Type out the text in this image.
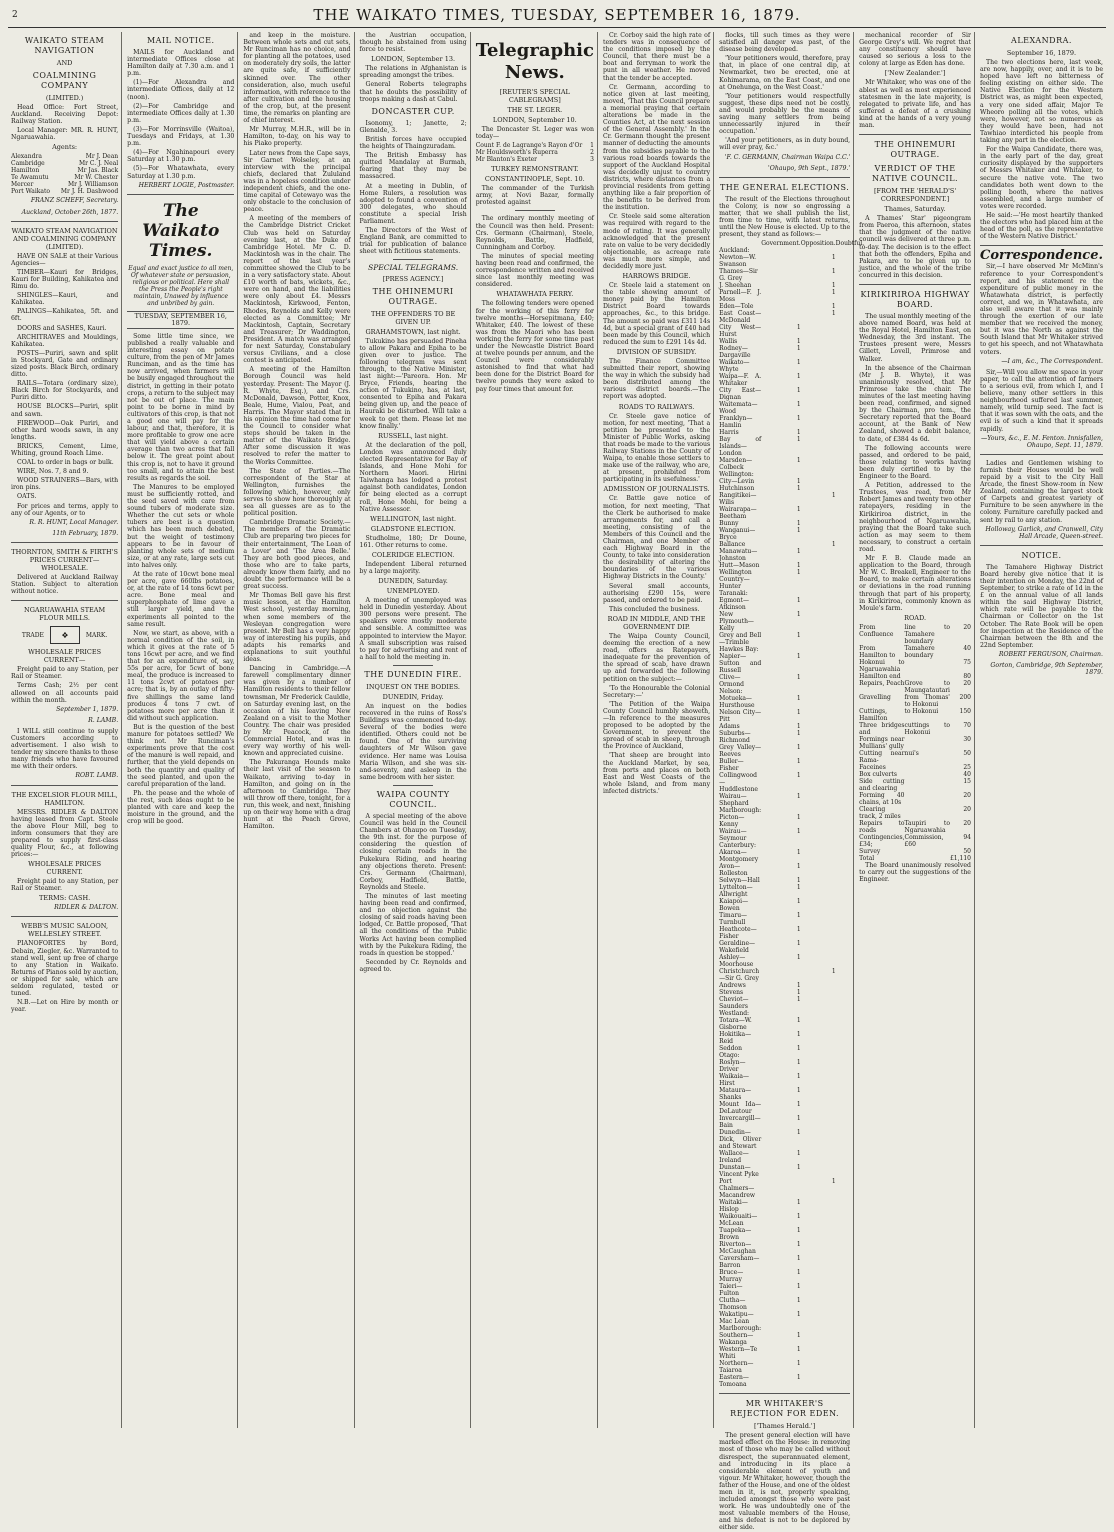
2	THE WAIKATO TIMES, TUESDAY, SEPTEMBER 16, 1879.
WAIKATO STEAM NAVIGATION
AND
COALMINING COMPANY
(LIMITED.)

Head Office: Fort Street, Auckland. Receiving Depot: Railway Station.

Local Manager: MR. R. HUNT, Ngaruawahia.

Agents:
Alexandra	Mr J. Dean
Cambridge	Mr C. J. Neal
Hamilton	Mr Jas. Black
Te Awamutu	Mr W. Chester
Mercer	Mr J. Williamson
Port Waikato	Mr J. H. Dashwood
FRANZ SCHEFF, Secretary.
Auckland, October 26th, 1877.
WAIKATO STEAM NAVIGATION AND COALMINING COMPANY (LIMITED).

HAVE ON SALE at their Various Agencies—

TIMBER—Kauri for Bridges, Kauri for Building, Kahikatea and Rimu do.

SHINGLES—Kauri, and Kahikatea.

PALINGS—Kahikatea, 5ft. and 6ft.

DOORS and SASHES, Kauri.

ARCHITRAVES and Mouldings, Kahikatea.

POSTS—Puriri, sawn and split in Stockyard, Gate and ordinary sized posts. Black Birch, ordinary ditto.

RAILS—Totara (ordinary size), Black Birch for Stockyards, and Puriri ditto.

HOUSE BLOCKS—Puriri, split and sawn.

FIREWOOD—Oak Puriri, and other hard woods sawn, in any lengths.

BRICKS, Cement, Lime, Whiting, ground Roach Lime.

COAL to order in bags or bulk.

WIRE, Nos. 7, 8 and 9.

WOOD STRAINERS—Bars, with iron pins.

OATS.

For prices and terms, apply to any of our Agents, or to

R. R. HUNT, Local Manager.
11th February, 1879.
THORNTON, SMITH & FIRTH'S PRICES CURRENT—WHOLESALE.

Delivered at Auckland Railway Station. Subject to alteration without notice.

NGARUAWAHIA STEAM FLOUR MILLS.
TRADE	❖	MARK.
WHOLESALE PRICES CURRENT—

Freight paid to any Station, per Rail or Steamer.

Terms Cash; 2½ per cent allowed on all accounts paid within the month.

September 1, 1879.
R. LAMB.

I WILL still continue to supply Customers according to advertisement. I also wish to tender my sincere thanks to those many friends who have favoured me with their orders.

ROBT. LAMB.
THE EXCELSIOR FLOUR MILL, HAMILTON.

MESSRS. RIDLER & DALTON having leased from Capt. Steele the above Flour Mill, beg to inform consumers that they are prepared to supply first-class quality Flour, &c., at following prices:—

WHOLESALE PRICES CURRENT.

Freight paid to any Station, per Rail or Steamer.

TERMS: CASH.
RIDLER & DALTON.
WEBB'S MUSIC SALOON, WELLESLEY STREET.

PIANOFORTES by Bord, Debain, Ziegler, &c. Warranted to stand well, sent up free of charge to any Station in Waikato. Returns of Pianos sold by auction, or shipped for sale, which are seldom regulated, tested or tuned.

N.B.—Let on Hire by month or year.

MAIL NOTICE.

MAILS for Auckland and intermediate Offices close at Hamilton daily at 7.30 a.m. and 1 p.m.

(1)—For Alexandra and intermediate Offices, daily at 12 (noon).

(2)—For Cambridge and intermediate Offices daily at 1.30 p.m.

(3)—For Morrinsville (Waitoa), Tuesdays and Fridays, at 1.30 p.m.

(4)—For Ngahinapouri every Saturday at 1.30 p.m.

(5)—For Whatawhata, every Saturday at 1.30 p.m.

HERBERT LOGIE, Postmaster.
The Waikato Times.
Equal and exact justice to all men, Of whatever state or persuasion, religious or political. Here shall the Press the People's right maintain, Unawed by influence and unbribed by gain.
TUESDAY, SEPTEMBER 16, 1879.

Some little time since, we published a really valuable and interesting essay on potato culture, from the pen of Mr James Runciman, and as the time has now arrived, when farmers will be busily engaged throughout the district, in getting in their potato crops, a return to the subject may not be out of place. The main point to be borne in mind by cultivators of this crop, is that not a good one will pay for the labour, and that, therefore, it is more profitable to grow one acre that will yield above a certain average than two acres that fall below it. The great point about this crop is, not to have it ground too small, and to attain the best results as regards the soil.

The Manures to be employed must be sufficiently rotted, and the seed saved with care from sound tubers of moderate size. Whether the cut sets or whole tubers are best is a question which has been much debated, but the weight of testimony appears to be in favour of planting whole sets of medium size, or at any rate, large sets cut into halves only.

At the rate of 10cwt bone meal per acre, gave 660lbs potatoes, or, at the rate of 14 tons 6cwt per acre. Bone meal and superphosphate of lime gave a still larger yield, and the experiments all pointed to the same result.

Now, we start, as above, with a normal condition of the soil, in which it gives at the rate of 5 tons 16cwt per acre, and we find that for an expenditure of, say, 55s per acre, for 5cwt of bone meal, the produce is increased to 11 tons 2cwt of potatoes per acre; that is, by an outlay of fifty-five shillings the same land produces 4 tons 7 cwt. of potatoes more per acre than it did without such application.

But is the question of the best manure for potatoes settled? We think not. Mr Runciman's experiments prove that the cost of the manure is well repaid, and further, that the yield depends on both the quantity and quality of the seed planted, and upon the careful preparation of the land.

Ph. the pease and the whole of the rest, such ideas ought to be planted with care and keep the moisture in the ground, and the crop will be good.

and keep in the moisture. Between whole sets and cut sets, Mr Runciman has no choice, and for planting all the potatoes, used on moderately dry soils, the latter are quite safe, if sufficiently skinned over. The other consideration, also, much useful information, with reference to the after cultivation and the housing of the crop, but, at the present time, the remarks on planting are of chief interest.

Mr Murray, M.H.R., will be in Hamilton, to-day, on his way to his Piako property.

Later news from the Cape says, Sir Garnet Wolseley, at an interview with the principal chiefs, declared that Zululand was in a hopeless condition under independent chiefs, and the one-time capital of Cetewayo was the only obstacle to the conclusion of peace.

A meeting of the members of the Cambridge District Cricket Club was held on Saturday evening last, at the Duke of Cambridge Hotel. Mr C. D. Mackintosh was in the chair. The report of the last year's committee showed the Club to be in a very satisfactory state. About £10 worth of bats, wickets, &c., were on hand, and the liabilities were only about £4. Messrs Mackintosh, Kirkwood, Fenton, Rhodes, Reynolds and Kelly were elected as a Committee; Mr Mackintosh, Captain, Secretary and Treasurer; Dr Waddington, President. A match was arranged for next Saturday, Constabulary versus Civilians, and a close contest is anticipated.

A meeting of the Hamilton Borough Council was held yesterday. Present: The Mayor (J. R. Whyte, Esq.), and Crs. McDonald, Dawson, Potter, Knox, Beale, Hume, Vialou, Peat, and Harris. The Mayor stated that in his opinion the time had come for the Council to consider what steps should be taken in the matter of the Waikato Bridge. After some discussion it was resolved to refer the matter to the Works Committee.

The State of Parties.—The correspondent of the Star at Wellington, furnishes the following which, however, only serves to show how thoroughly at sea all guesses are as to the political position.

Cambridge Dramatic Society.—The members of the Dramatic Club are preparing two pieces for their entertainment, 'The Loan of a Lover' and 'The Area Belle.' They are both good pieces, and those who are to take parts, already know them fairly, and no doubt the performance will be a great success.

Mr Thomas Bell gave his first music lesson, at the Hamilton West school, yesterday morning, when some members of the Wesleyan congregation were present. Mr Bell has a very happy way of interesting his pupils, and adapts his remarks and explanations to suit youthful ideas.

Dancing in Cambridge.—A farewell complimentary dinner was given by a number of Hamilton residents to their fellow townsman, Mr Frederick Cauldle, on Saturday evening last, on the occasion of his leaving New Zealand on a visit to the Mother Country. The chair was presided by Mr Peacock, of the Commercial Hotel, and was in every way worthy of his well-known and appreciated cuisine.

The Pakuranga Hounds make their last visit of the season to Waikato, arriving to-day in Hamilton, and going on in the afternoon to Cambridge. They will throw off there, tonight, for a run, this week, and next, finishing up on their way home with a drag hunt at the Peach Grove, Hamilton.

the Austrian occupation, though he abstained from using force to resist.

LONDON, September 13.

The relations in Afghanistan is spreading amongst the tribes.

General Roberts telegraphs that he doubts the possibility of troops making a dash at Cabul.

DONCASTER CUP.

Isonomy, 1; Janette, 2; Glenalde, 3.

British forces have occupied the heights of Thaingzuradam.

The British Embassy has quitted Mandalay at Burmah, fearing that they may be massacred.

At a meeting in Dublin, of Home Rulers, a resolution was adopted to found a convention of 300 delegates, who should constitute a special Irish Parliament.

The Directors of the West of England Bank, are committed to trial for publication of balance sheet with fictitious statements.

SPECIAL TELEGRAMS.
[PRESS AGENCY.]
THE OHINEMURI OUTRAGE.
THE OFFENDERS TO BE GIVEN UP.
GRAHAMSTOWN, last night.

Tukukino has persuaded Pineha to allow Pakara and Epiha to be given over to justice. The following telegram was sent through, to the Native Minister, last night:—'Pareora. Hon. Mr Bryce, Friends, hearing the action of Tukukino, has, at last, consented to Epiha and Pakara being given up, and the peace of Hauraki be disturbed. Will take a week to get them. Please let me know finally.'

RUSSELL, last night.

At the declaration of the poll, London was announced duly elected Representative for Bay of Islands, and Hone Mohi for Northern Maori. Hirini Taiwhanga has lodged a protest against both candidates, London for being elected as a corrupt roll, Hone Mohi, for being a Native Assessor.

WELLINGTON, last night.
GLADSTONE ELECTION.

Studholme, 180; Dr Doune, 161. Other returns to come.

COLERIDGE ELECTION.

Independent Liberal returned by a large majority.

DUNEDIN, Saturday.
UNEMPLOYED.

A meeting of unemployed was held in Dunedin yesterday. About 300 persons were present. The speakers were mostly moderate and sensible. A committee was appointed to interview the Mayor. A small subscription was raised to pay for advertising and rent of a hall to hold the meeting in.

THE DUNEDIN FIRE.
INQUEST ON THE BODIES.
DUNEDIN, Friday.

An inquest on the bodies recovered in the ruins of Ross's Buildings was commenced to-day. Several of the bodies were identified. Others could not be found. One of the surviving daughters of Mr Wilson gave evidence. Her name was Louisa Maria Wilson, and she was six-and-seventy, and asleep in the same bedroom with her sister.

WAIPA COUNTY COUNCIL.

A special meeting of the above Council was held in the Council Chambers at Ohaupo on Tuesday, the 9th inst. for the purpose of considering the question of closing certain roads in the Pukekura Riding, and hearing any objections thereto. Present: Crs. Germann (Chairman), Corboy, Hadfield, Battle, Reynolds and Steele.

The minutes of last meeting having been read and confirmed, and no objection against the closing of said roads having been lodged, Cr. Battle proposed, 'That all the conditions of the Public Works Act having been complied with by the Pukekura Riding, the roads in question be stopped.'

Seconded by Cr. Reynolds and agreed to.

Telegraphic News.
[REUTER'S SPECIAL CABLEGRAMS]
THE ST. LEGER.
LONDON, September 10.

The Doncaster St. Leger was won today—

Count F. de Lagrange's Rayon d'Or	1
Mr Houldsworth's Ruperra	2
Mr Blanton's Exeter	3
TURKEY REMONSTRANT.
CONSTANTINOPLE, Sept. 10.

The commander of the Turkish army, at Novi Bazar, formally protested against

The ordinary monthly meeting of the Council was then held. Present: Crs. Germann (Chairman), Steele, Reynolds, Battle, Hadfield, Cunningham and Corboy.

The minutes of special meeting having been read and confirmed, the correspondence written and received since last monthly meeting was considered.

WHATAWHATA FERRY.

The following tenders were opened for the working of this ferry for twelve months—Horsepitmana, £40; Whitaker, £40. The lowest of these was from the Maori who has been working the ferry for some time past under the Newcastle District Board at twelve pounds per annum, and the Council were considerably astonished to find that what had been done for the District Board for twelve pounds they were asked to pay four times that amount for.

Cr. Corboy said the high rate of tenders was in consequence of the conditions imposed by the Council, that there must be a boat and ferryman to work the punt in all weather. He moved that the tender be accepted.

Cr. Germann, according to notice given at last meeting, moved, 'That this Council prepare a memorial praying that certain alterations be made in the Counties Act, at the next session of the General Assembly.' In the Cr. Germann thought the present manner of deducting the amounts from the subsidies payable to the various road boards towards the support of the Auckland Hospital was decidedly unjust to country districts, where distances from a provincial residents from getting anything like a fair proportion of the benefits to be derived from the institution.

Cr. Steele said some alteration was required with regard to the mode of rating. It was generally acknowledged that the present rate on value to be very decidedly objectionable, as acreage rate was much more simple, and decidedly more just.

HARROWS BRIDGE.

Cr. Steele laid a statement on the table showing amount of money paid by the Hamilton District Board towards approaches, &c., to this bridge. The amount so paid was £311 14s 4d, but a special grant of £40 had been made by this Council, which reduced the sum to £291 14s 4d.

DIVISION OF SUBSIDY.

The Finance Committee submitted their report, showing the way in which the subsidy had been distributed among the various district boards.—The report was adopted.

ROADS TO RAILWAYS.

Cr. Steele gave notice of motion, for next meeting, 'That a petition be presented to the Minister of Public Works, asking that roads be made to the various Railway Stations in the County of Waipa, to enable those settlers to make use of the railway, who are, at present, prohibited from participating in its usefulness.'

ADMISSION OF JOURNALISTS.

Cr. Battle gave notice of motion, for next meeting, 'That the Clerk be authorised to make arrangements for, and call a meeting, consisting of the Members of this Council and the Chairman, and one Member of each Highway Board in the County, to take into consideration the desirability of altering the boundaries of the various Highway Districts in the County.'

Several small accounts, authorising £290 15s, were passed, and ordered to be paid.

This concluded the business.

ROAD IN MIDDLE, AND THE GOVERNMENT DIP.

The Waipa County Council, deeming the erection of a new road, offers as Ratepayers, inadequate for the prevention of the spread of scab, have drawn up and forwarded the following petition on the subject:—

'To the Honourable the Colonial Secretary:—'

'The Petition of the Waipa County Council humbly showeth,—In reference to the measures proposed to be adopted by the Government, to prevent the spread of scab in sheep, through the Province of Auckland,

'That sheep are brought into the Auckland Market, by sea, from ports and places on both East and West Coasts of the whole Island, and from many infected districts.'

flocks, till such times as they were satisfied all danger was past, of the disease being developed.

'Your petitioners would, therefore, pray that, in place of one central dip, at Newmarket, two be erected, one at Kohimarama, on the East Coast, and one at Onehunga, on the West Coast.'

'Your petitioners would respectfully suggest, these dips need not be costly, and would probably be the means of saving many settlers from being unnecessarily injured in their occupation.'

'And your petitioners, as in duty bound, will ever pray, &c.'

'F. C. GERMANN, Chairman Waipa C.C.'
'Ohaupo, 9th Sept., 1879.'
THE GENERAL ELECTIONS.

The result of the Elections throughout the Colony, is now so engrossing a matter, that we shall publish the list, from time to time, with latest returns, until the New House is elected. Up to the present, they stand as follows:—

	Government.	Opposition.	Doubtful.
Auckland:			
Newton—W. Swanson		1	
Thames—Sir G. Grey		1	
J. Sheehan		1	
Parnell—F. J. Moss		1	
Eden—Tole		1	
East Coast—McDonald		1	
City West—Hurst	1		
Wallis	1		
Rodney—Dargaville	1		
Waikato—Whyte	1		
Waipa—F. A. Whitaker	1		
City East—Dignan	1		
Waitemata—Wood	1		
Franklyn—Hamlin	1		
Harris	1		
Bay of Islands—London	1		
Marsden—Colbeck	1		
Wellington:			
City—Levin	1		
Hutchinson	1		
Rangitikei—Wilis		1	
Wairarapa—Beetham	1		
Bunny	1		
Wanganui—Bryce	1		
Ballance		1	
Manawatu—Johnston	1		
Hutt—Mason	1		
Wellington Country—Hunter	1		
Taranaki:			
Egmont—Atkinson	1		
New Plymouth—Kelly	1		
Grey and Bell—Trimble	1		
Hawkes Bay:			
Napier—Sutton and Russell	1		
Clive—Ormond	1		
Nelson:			
Motueka—Hursthouse	1		
Nelson City—Pitt	1		
Adams	1		
Suburbs—Richmond	1		
Grey Valley—Reeves	1		
Buller—Fisher	1		
Collingwood—Huddlestone	1		
Wairau—Shephard	1		
Marlborough:			
Picton—Kenny	1		
Wairau—Seymour	1		
Canterbury:			
Akaroa—Montgomery	1		
Avon—Rolleston	1		
Selwyn—Hall	1		
Lyttelton—Allwright	1		
Kaiapoi—Bowen	1		
Timaru—Turnbull	1		
Heathcote—Fisher	1		
Geraldine—Wakefield	1		
Ashley—Moorhouse	1		
Christchurch—Sir G. Grey		1	
Andrews	1		
Stevens	1		
Cheviot—Saunders	1		
Westland:			
Totara—W. Gisborne	1		
Hokitika—Reid	1		
Seddon	1		
Otago:			
Roslyn—Driver	1		
Waikaia—Hirst	1		
Mataura—Shanks	1		
Mount Ida—DeLautour	1		
Invercargill—Bain	1		
Dunedin—Dick, Oliver and Stewart	1		
Wallace—Ireland	1		
Dunstan—Vincent Pyke	1		
Port Chalmers—Macandrew		1	
Waitaki—Hislop	1		
Waikouaiti—McLean	1		
Tuapeka—Brown	1		
Riverton—McCaughan	1		
Caversham—Barron	1		
Bruce—Murray	1		
Taieri—Fulton	1		
Clutha—Thomson	1		
Wakatipu—Mac Lean	1		
Marlborough:			
Southern—Wakanga	1		
Western—Te Whiti	1		
Northern—Taiaroa	1		
Eastern—Tomoana	1		
MR WHITAKER'S REJECTION FOR EDEN.
['Thames Herald.']

The present general election will have marked effect on the House: in removing most of those who may be called without disrespect, the superannuated element, and introducing in its place a considerable element of youth and vigour. Mr Whitaker, however, though the father of the House, and one of the oldest men in it, is not, properly speaking, included amongst those who were past work. He was undoubtedly one of the most valuable members of the House, and his defeat is not to be deplored by either side.

mechanical recorder of Sir George Grey's will. We regret that any constituency should have caused so serious a loss to the colony at large as Eden has done.

['New Zealander.']

Mr Whitaker, who was one of the ablest as well as most experienced statesmen in the late majority, is relegated to private life, and has suffered a defeat of a crushing kind at the hands of a very young man.

THE OHINEMURI OUTRAGE.
VERDICT OF THE NATIVE COUNCIL.
[FROM THE 'HERALD'S' CORRESPONDENT.]
Thames, Saturday.

A Thames' Star' pigeongram from Paeroa, this afternoon, states that the judgment of the native council was delivered at three p.m. to-day. The decision is to the effect that both the offenders, Epiha and Pakara, are to be given up to justice, and the whole of the tribe concurred in this decision.

KIRIKIRIROA HIGHWAY BOARD.

The usual monthly meeting of the above named Board, was held at the Royal Hotel, Hamilton East, on Wednesday, the 3rd instant. The Trustees present were, Messrs Gillett, Lovell, Primrose and Walker.

In the absence of the Chairman (Mr J. B. Whyte), it was unanimously resolved, that Mr Primrose take the chair. The minutes of the last meeting having been read, confirmed, and signed by the Chairman, pro tem., the Secretary reported that the Board account, at the Bank of New Zealand, showed a debit balance, to date, of £384 4s 6d.

The following accounts were passed, and ordered to be paid, those relating to works having been duly certified to by the Engineer to the Board.

A Petition, addressed to the Trustees, was read, from Mr Robert James and twenty two other ratepayers, residing in the Kirikiriroa district, in the neighbourhood of Ngaruawahia, praying that the Board take such action as may seem to them necessary, to construct a certain road.

Mr F. B. Claude made an application to the Board, through Mr W. C. Breakell, Engineer to the Board, to make certain alterations or deviations in the road running through that part of his property, in Kirikiriroa, commonly known as Moule's farm.

ROAD.
From Confluence	line to Tamahere boundary		20
From Hamilton to	Tamahere boundary		40
Hokonui to Ngaruawahia			75
Hamilton end			80
Repairs, Peach	Grove to Maungatautari		20
Gravelling	from Thomas' to Hokonui		200
Cuttings, Hamilton	to Hokonui		150
Three bridges and	cuttings to Hokonui		70
Formings near Mullians' gully			30
Cutting near Rama-	nui's		50
Faceines			25
Box culverts			40
Side cutting and clearing			15
Forming 40 chains, at 10s			20
Clearing track, 2 miles			20
Repairs to roads	Taupiri to Ngaruawahia		20
Contingencies, £34;	Commission, £60		94
Survey			50
Total			£1,110

The Board unanimously resolved to carry out the suggestions of the Engineer.

ALEXANDRA.
September 16, 1879.

The two elections here, last week, are now, happily, over, and it is to be hoped have left no bitterness of feeling existing on either side. The Native Election for the Western District was, as might been expected, a very one sided affair, Major Te Wheoro polling all the votes, which were, however, not so numerous as they would have been, had not Tawhiao interdicted his people from taking any part in the election.

For the Waipa Candidate, there was, in the early part of the day, great curiosity displayed by the supporters of Messrs Whitaker and Whitaker, to secure the native vote. The two candidates both went down to the polling booth, where the natives assembled, and a large number of votes were recorded.

He said:—'He most heartily thanked the electors who had placed him at the head of the poll, as the representative of the Western Native District.'

Correspondence.

Sir,—I have observed Mr McMinn's reference to your Correspondent's report, and his statement re the expenditure of public money in the Whatawhata district, is perfectly correct, and we, in Whatawhata, are also well aware that it was mainly through the exertion of our late member that we received the money, but it was the North as against the South Island that Mr Whitaker strived to get his speech, and not Whatawhata voters.

—I am, &c., The Correspondent.

Sir,—Will you allow me space in your paper, to call the attention of farmers to a serious evil, from which I, and I believe, many other settlers in this neighbourhood suffered last summer, namely, wild turnip seed. The fact is that it was sown with the oats, and the evil is of such a kind that it spreads rapidly.

—Yours, &c., E. M. Fenton. Innisfallen, Ohaupo, Sept. 11, 1879.

Ladies and Gentlemen wishing to furnish their Houses would be well repaid by a visit to the City Hall Arcade, the finest Show-room in New Zealand, containing the largest stock of Carpets and greatest variety of Furniture to be seen anywhere in the colony. Furniture carefully packed and sent by rail to any station.

Holloway, Garlick, and Cranwell, City Hall Arcade, Queen-street.
NOTICE.

The Tamahere Highway District Board hereby give notice that it is their intention on Monday, the 22nd of September, to strike a rate of 1d in the £ on the annual value of all lands within the said Highway District, which rate will be payable to the Chairman or Collector on the 1st October. The Rate Book will be open for inspection at the Residence of the Chairman between the 8th and the 22nd September.

ROBERT FERGUSON, Chairman.
Gorton, Cambridge, 9th September, 1879.
